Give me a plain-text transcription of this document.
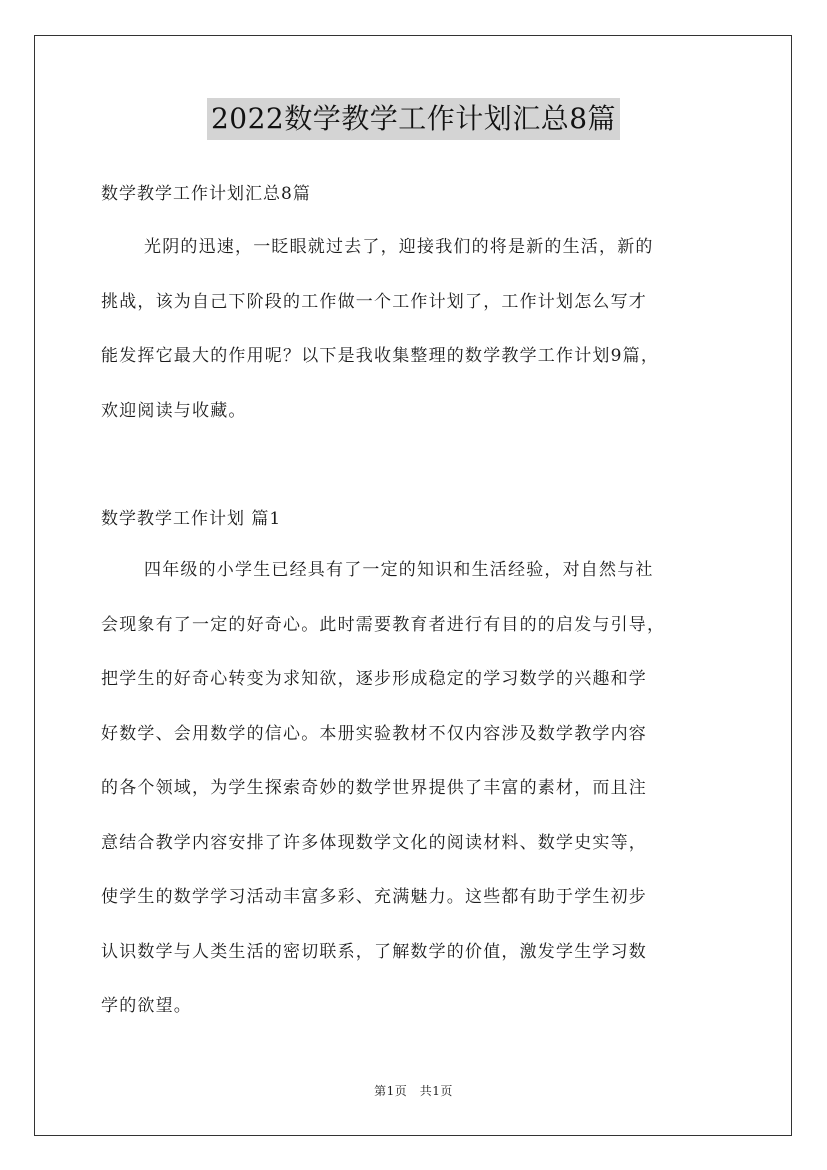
2022数学教学工作计划汇总8篇
数学教学工作计划汇总8篇
光阴的迅速，一眨眼就过去了，迎接我们的将是新的生活，新的
挑战，该为自己下阶段的工作做一个工作计划了，工作计划怎么写才
能发挥它最大的作用呢？以下是我收集整理的数学教学工作计划9篇，
欢迎阅读与收藏。
数学教学工作计划 篇1
四年级的小学生已经具有了一定的知识和生活经验，对自然与社
会现象有了一定的好奇心。此时需要教育者进行有目的的启发与引导，
把学生的好奇心转变为求知欲，逐步形成稳定的学习数学的兴趣和学
好数学、会用数学的信心。本册实验教材不仅内容涉及数学教学内容
的各个领域，为学生探索奇妙的数学世界提供了丰富的素材，而且注
意结合教学内容安排了许多体现数学文化的阅读材料、数学史实等，
使学生的数学学习活动丰富多彩、充满魅力。这些都有助于学生初步
认识数学与人类生活的密切联系，了解数学的价值，激发学生学习数
学的欲望。
第1页　共1页
